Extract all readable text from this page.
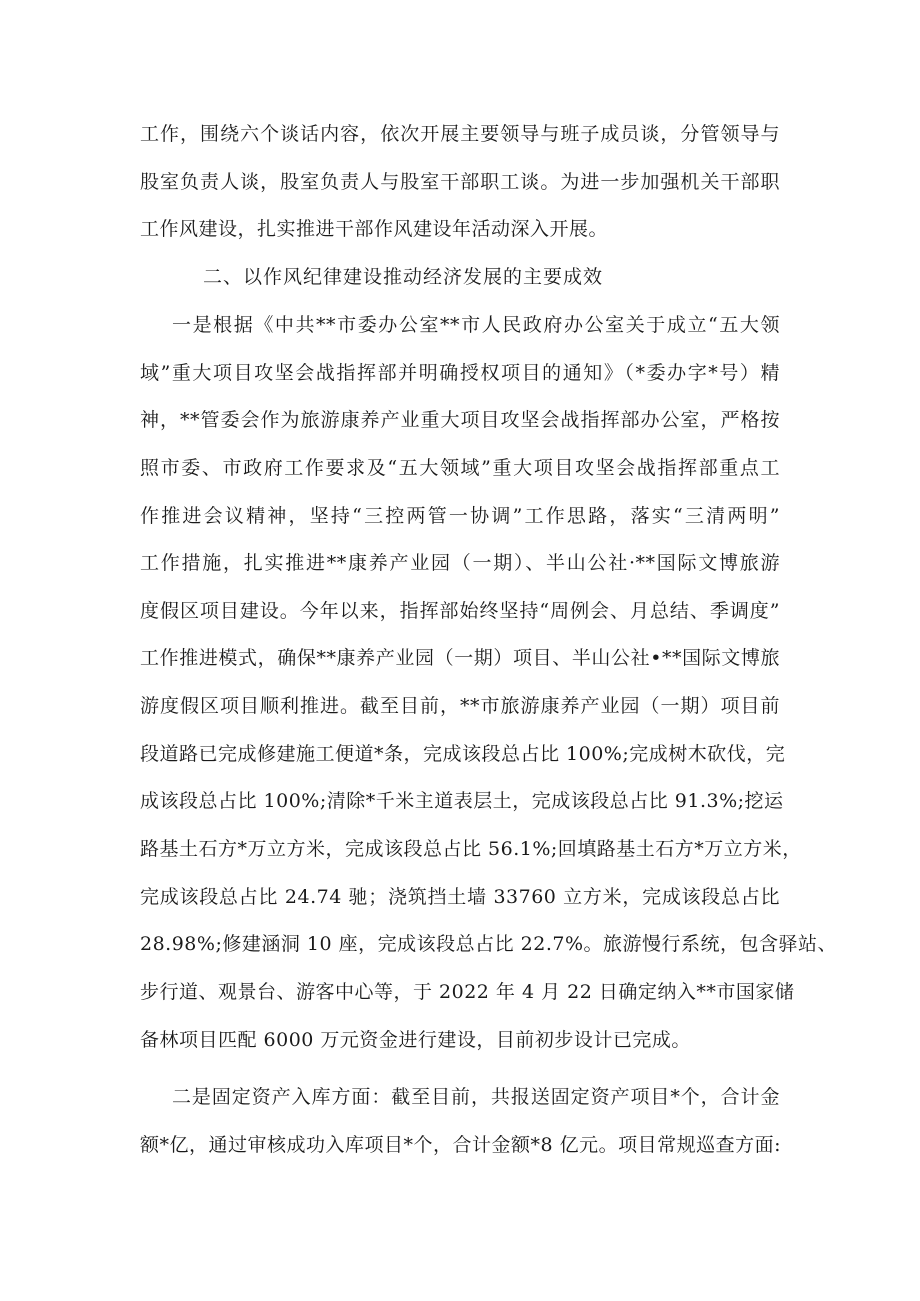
工作，围绕六个谈话内容，依次开展主要领导与班子成员谈，分管领导与
股室负责人谈，股室负责人与股室干部职工谈。为进一步加强机关干部职
工作风建设，扎实推进干部作风建设年活动深入开展。
二、以作风纪律建设推动经济发展的主要成效
一是根据《中共**市委办公室**市人民政府办公室关于成立“五大领
域”重大项目攻坚会战指挥部并明确授权项目的通知》（*委办字*号）精
神，**管委会作为旅游康养产业重大项目攻坚会战指挥部办公室，严格按
照市委、市政府工作要求及“五大领域”重大项目攻坚会战指挥部重点工
作推进会议精神，坚持“三控两管一协调”工作思路，落实“三清两明”
工作措施，扎实推进**康养产业园（一期）、半山公社·**国际文博旅游
度假区项目建设。今年以来，指挥部始终坚持“周例会、月总结、季调度”
工作推进模式，确保**康养产业园（一期）项目、半山公社•**国际文博旅
游度假区项目顺利推进。截至目前，**市旅游康养产业园（一期）项目前
段道路已完成修建施工便道*条，完成该段总占比 100%;完成树木砍伐，完
成该段总占比 100%;清除*千米主道表层土，完成该段总占比 91.3%;挖运
路基土石方*万立方米，完成该段总占比 56.1%;回填路基土石方*万立方米，
完成该段总占比 24.74 驰；浇筑挡土墙 33760 立方米，完成该段总占比
28.98%;修建涵洞 10 座，完成该段总占比 22.7%。旅游慢行系统，包含驿站、
步行道、观景台、游客中心等，于 2022 年 4 月 22 日确定纳入**市国家储
备林项目匹配 6000 万元资金进行建设，目前初步设计已完成。
二是固定资产入库方面：截至目前，共报送固定资产项目*个，合计金
额*亿，通过审核成功入库项目*个，合计金额*8 亿元。项目常规巡查方面:
